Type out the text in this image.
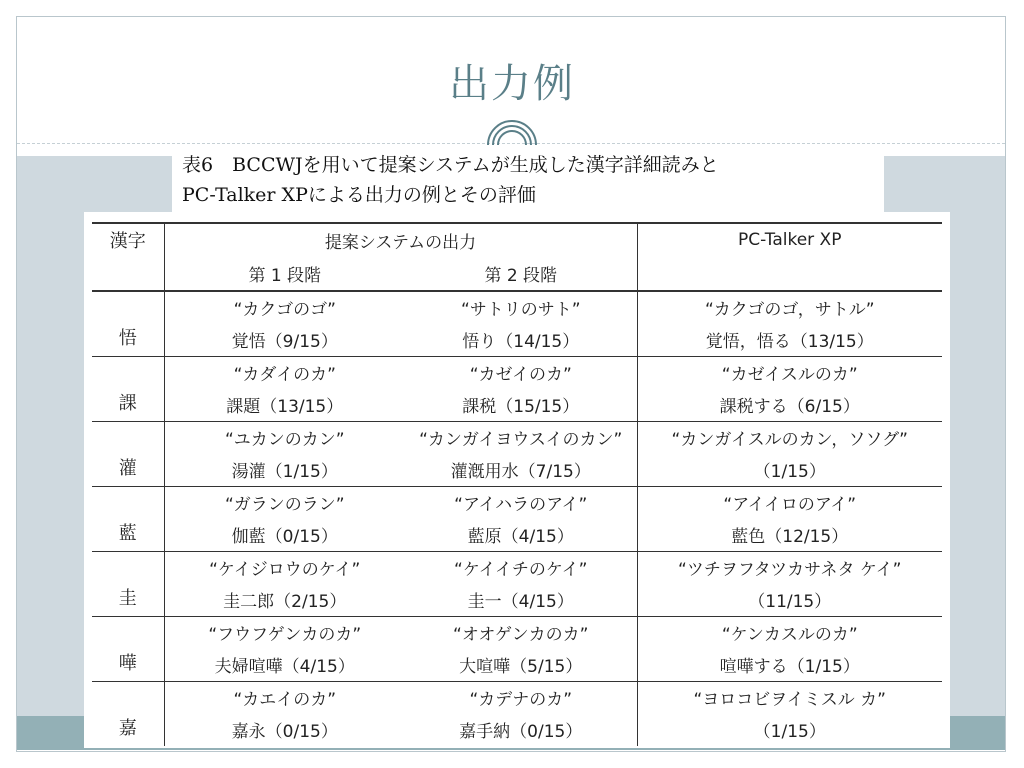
出力例
表6　BCCWJを用いて提案システムが生成した漢字詳細読みと
PC-Talker XPによる出力の例とその評価
漢字	提案システムの出力		PC-Talker XP
	第 1 段階	第 2 段階	
悟	“カクゴのゴ”	“サトリのサト”	“カクゴのゴ，サトル”
	覚悟（9/15）	悟り（14/15）	覚悟，悟る（13/15）
課	“カダイのカ”	“カゼイのカ”	“カゼイスルのカ”
	課題（13/15）	課税（15/15）	課税する（6/15）
灌	“ユカンのカン”	“カンガイヨウスイのカン”	“カンガイスルのカン，ソソグ”
	湯灌（1/15）	灌漑用水（7/15）	（1/15）
藍	“ガランのラン”	“アイハラのアイ”	“アイイロのアイ”
	伽藍（0/15）	藍原（4/15）	藍色（12/15）
圭	“ケイジロウのケイ”	“ケイイチのケイ”	“ツチヲフタツカサネタ ケイ”
	圭二郎（2/15）	圭一（4/15）	（11/15）
嘩	“フウフゲンカのカ”	“オオゲンカのカ”	“ケンカスルのカ”
	夫婦喧嘩（4/15）	大喧嘩（5/15）	喧嘩する（1/15）
嘉	“カエイのカ”	“カデナのカ”	“ヨロコビヲイミスル カ”
	嘉永（0/15）	嘉手納（0/15）	（1/15）
